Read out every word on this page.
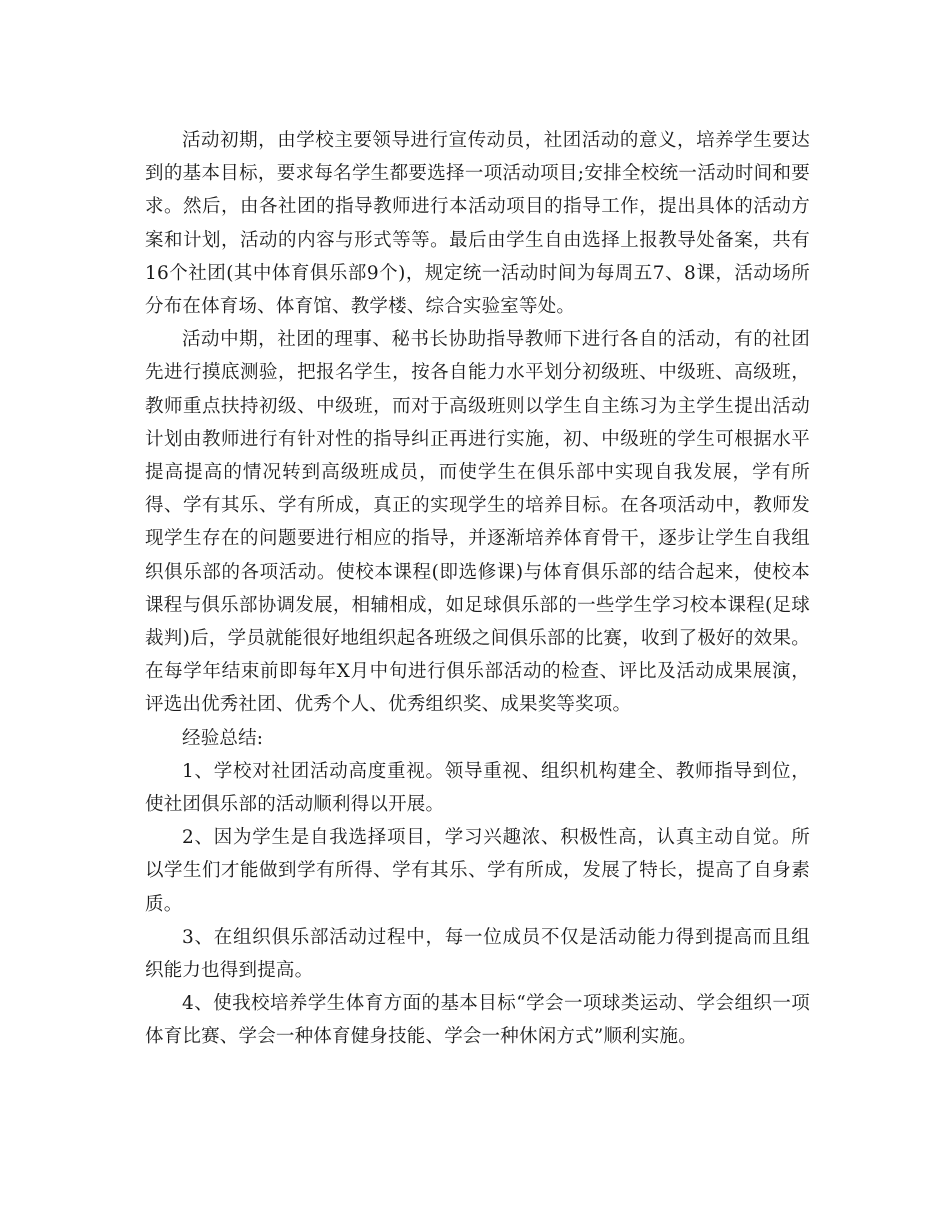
活动初期，由学校主要领导进行宣传动员，社团活动的意义，培养学生要达到的基本目标，要求每名学生都要选择一项活动项目;安排全校统一活动时间和要求。然后，由各社团的指导教师进行本活动项目的指导工作，提出具体的活动方案和计划，活动的内容与形式等等。最后由学生自由选择上报教导处备案，共有16个社团(其中体育俱乐部9个)，规定统一活动时间为每周五7、8课，活动场所分布在体育场、体育馆、教学楼、综合实验室等处。

活动中期，社团的理事、秘书长协助指导教师下进行各自的活动，有的社团先进行摸底测验，把报名学生，按各自能力水平划分初级班、中级班、高级班，教师重点扶持初级、中级班，而对于高级班则以学生自主练习为主学生提出活动计划由教师进行有针对性的指导纠正再进行实施，初、中级班的学生可根据水平提高提高的情况转到高级班成员，而使学生在俱乐部中实现自我发展，学有所得、学有其乐、学有所成，真正的实现学生的培养目标。在各项活动中，教师发现学生存在的问题要进行相应的指导，并逐渐培养体育骨干，逐步让学生自我组织俱乐部的各项活动。使校本课程(即选修课)与体育俱乐部的结合起来，使校本课程与俱乐部协调发展，相辅相成，如足球俱乐部的一些学生学习校本课程(足球裁判)后，学员就能很好地组织起各班级之间俱乐部的比赛，收到了极好的效果。在每学年结束前即每年X月中旬进行俱乐部活动的检查、评比及活动成果展演，评选出优秀社团、优秀个人、优秀组织奖、成果奖等奖项。

经验总结:

1、学校对社团活动高度重视。领导重视、组织机构建全、教师指导到位，使社团俱乐部的活动顺利得以开展。

2、因为学生是自我选择项目，学习兴趣浓、积极性高，认真主动自觉。所以学生们才能做到学有所得、学有其乐、学有所成，发展了特长，提高了自身素质。

3、在组织俱乐部活动过程中，每一位成员不仅是活动能力得到提高而且组织能力也得到提高。

4、使我校培养学生体育方面的基本目标“学会一项球类运动、学会组织一项体育比赛、学会一种体育健身技能、学会一种休闲方式”顺利实施。
